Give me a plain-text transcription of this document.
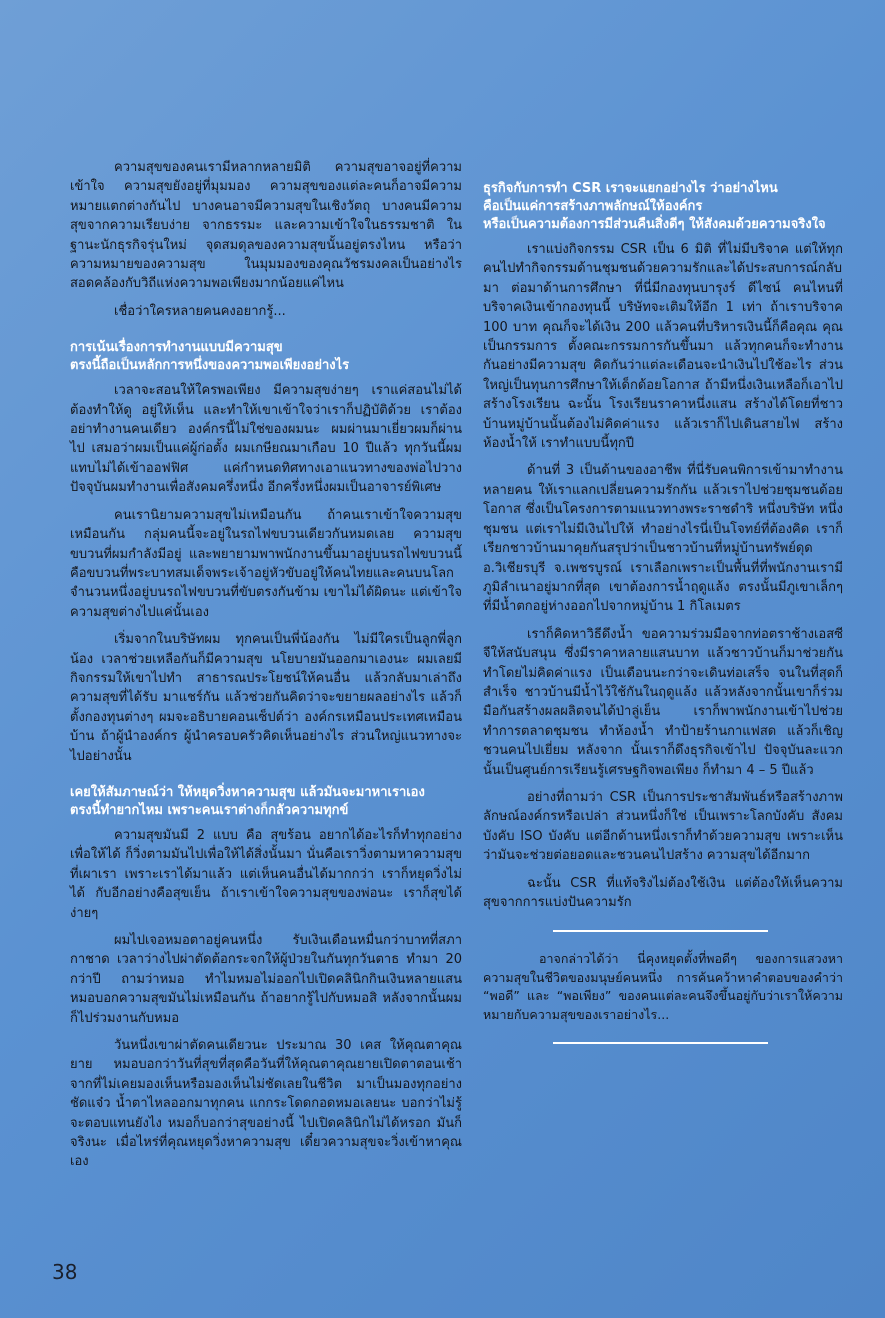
ความสุขของคนเรามีหลากหลายมิติ ความสุขอาจอยู่ที่ความเข้าใจ ความสุขยังอยู่ที่มุมมอง ความสุขของแต่ละคนก็อาจมีความหมายแตกต่างกันไป บางคนอาจมีความสุขในเชิงวัตถุ บางคนมีความสุขจากความเรียบง่าย จากธรรมะ และความเข้าใจในธรรมชาติ ในฐานะนักธุรกิจรุ่นใหม่ จุดสมดุลของความสุขนั้นอยู่ตรงไหน หรือว่าความหมายของความสุข ในมุมมองของคุณวัชรมงคลเป็นอย่างไร สอดคล้องกับวิถีแห่งความพอเพียงมากน้อยแค่ไหน

เชื่อว่าใครหลายคนคงอยากรู้...

การเน้นเรื่องการทำงานแบบมีความสุข
ตรงนี้ถือเป็นหลักการหนึ่งของความพอเพียงอย่างไร

เวลาจะสอนให้ใครพอเพียง มีความสุขง่ายๆ เราแค่สอนไม่ได้ ต้องทำให้ดู อยู่ให้เห็น และทำให้เขาเข้าใจว่าเราก็ปฏิบัติด้วย เราต้องอย่าทำงานคนเดียว องค์กรนี้ไม่ใช่ของผมนะ ผมผ่านมาเยี่ยวผมก็ผ่านไป เสมอว่าผมเป็นแค่ผู้ก่อตั้ง ผมเกษียณมาเกือบ 10 ปีแล้ว ทุกวันนี้ผมแทบไม่ได้เข้าออฟฟิศ แค่กำหนดทิศทางเอาแนวทางของพ่อไปวาง ปัจจุบันผมทำงานเพื่อสังคมครึ่งหนึ่ง อีกครึ่งหนึ่งผมเป็นอาจารย์พิเศษ

คนเรานิยามความสุขไม่เหมือนกัน ถ้าคนเราเข้าใจความสุขเหมือนกัน กลุ่มคนนี้จะอยู่ในรถไฟขบวนเดียวกันหมดเลย ความสุขขบวนที่ผมกำลังมีอยู่ และพยายามพาพนักงานขึ้นมาอยู่บนรถไฟขบวนนี้ คือขบวนที่พระบาทสมเด็จพระเจ้าอยู่หัวขับอยู่ให้คนไทยและคนบนโลกจำนวนหนึ่งอยู่บนรถไฟขบวนที่ขับตรงกันข้าม เขาไม่ได้ผิดนะ แต่เข้าใจความสุขต่างไปแค่นั้นเอง

เริ่มจากในบริษัทผม ทุกคนเป็นพี่น้องกัน ไม่มีใครเป็นลูกพี่ลูกน้อง เวลาช่วยเหลือกันก็มีความสุข นโยบายมันออกมาเองนะ ผมเลยมีกิจกรรมให้เขาไปทำ สาธารณประโยชน์ให้คนอื่น แล้วกลับมาเล่าถึงความสุขที่ได้รับ มาแชร์กัน แล้วช่วยกันคิดว่าจะขยายผลอย่างไร แล้วก็ตั้งกองทุนต่างๆ ผมจะอธิบายคอนเซ็ปต์ว่า องค์กรเหมือนประเทศเหมือนบ้าน ถ้าผู้นำองค์กร ผู้นำครอบครัวคิดเห็นอย่างไร ส่วนใหญ่แนวทางจะไปอย่างนั้น

เคยให้สัมภาษณ์ว่า ให้หยุดวิ่งหาความสุข แล้วมันจะมาหาเราเอง
ตรงนี้ทำยากไหม เพราะคนเราต่างก็กลัวความทุกข์

ความสุขมันมี 2 แบบ คือ สุขร้อน อยากได้อะไรก็ทำทุกอย่างเพื่อให้ได้ ก็วิ่งตามมันไปเพื่อให้ได้สิ่งนั้นมา นั่นคือเราวิ่งตามหาความสุขที่เผาเรา เพราะเราได้มาแล้ว แต่เห็นคนอื่นได้มากกว่า เราก็หยุดวิ่งไม่ได้ กับอีกอย่างคือสุขเย็น ถ้าเราเข้าใจความสุขของพ่อนะ เราก็สุขได้ง่ายๆ

ผมไปเจอหมอตาอยู่คนหนึ่ง รับเงินเดือนหมื่นกว่าบาทที่สภากาชาด เวลาว่างไปผ่าตัดต้อกระจกให้ผู้ป่วยในกันทุกวันตาธ ทำมา 20 กว่าปี ถามว่าหมอ ทำไมหมอไม่ออกไปเปิดคลินิกกินเงินหลายแสน หมอบอกความสุขมันไม่เหมือนกัน ถ้าอยากรู้ไปกับหมอสิ หลังจากนั้นผมก็ไปร่วมงานกับหมอ

วันหนึ่งเขาผ่าตัดคนเดียวนะ ประมาณ 30 เคส ให้คุณตาคุณยาย หมอบอกว่าวันที่สุขที่สุดคือวันที่ให้คุณตาคุณยายเปิดตาตอนเช้า จากที่ไม่เคยมองเห็นหรือมองเห็นไม่ชัดเลยในชีวิต มาเป็นมองทุกอย่างชัดแจ๋ว น้ำตาไหลออกมาทุกคน แกกระโดดกอดหมอเลยนะ บอกว่าไม่รู้จะตอบแทนยังไง หมอก็บอกว่าสุขอย่างนี้ ไปเปิดคลินิกไม่ได้หรอก มันก็จริงนะ เมื่อไหร่ที่คุณหยุดวิ่งหาความสุข เดี๋ยวความสุขจะวิ่งเข้าหาคุณเอง

ธุรกิจกับการทำ CSR เราจะแยกอย่างไร ว่าอย่างไหน
คือเป็นแค่การสร้างภาพลักษณ์ให้องค์กร
หรือเป็นความต้องการมีส่วนคืนสิ่งดีๆ ให้สังคมด้วยความจริงใจ

เราแบ่งกิจกรรม CSR เป็น 6 มิติ ที่ไม่มีบริจาค แต่ให้ทุกคนไปทำกิจกรรมด้านชุมชนด้วยความรักและได้ประสบการณ์กลับมา ต่อมาด้านการศึกษา ที่นี่มีกองทุนบารุงร์ ดีไซน์ คนไหนที่บริจาคเงินเข้ากองทุนนี้ บริษัทจะเติมให้อีก 1 เท่า ถ้าเราบริจาค 100 บาท คุณก็จะได้เงิน 200 แล้วคนที่บริหารเงินนี้ก็คือคุณ คุณเป็นกรรมการ ตั้งคณะกรรมการกันขึ้นมา แล้วทุกคนก็จะทำงานกันอย่างมีความสุข คิดกันว่าแต่ละเดือนจะนำเงินไปใช้อะไร ส่วนใหญ่เป็นทุนการศึกษาให้เด็กด้อยโอกาส ถ้ามีหนึ่งเงินเหลือก็เอาไปสร้างโรงเรียน ฉะนั้น โรงเรียนราคาหนึ่งแสน สร้างได้โดยที่ชาวบ้านหมู่บ้านนั้นต้องไม่คิดค่าแรง แล้วเราก็ไปเดินสายไฟ สร้างห้องน้ำให้ เราทำแบบนี้ทุกปี

ด้านที่ 3 เป็นด้านของอาชีพ ที่นี่รับคนพิการเข้ามาทำงานหลายคน ให้เราแลกเปลี่ยนความรักกัน แล้วเราไปช่วยชุมชนด้อยโอกาส ซึ่งเป็นโครงการตามแนวทางพระราชดำริ หนึ่งบริษัท หนึ่งชุมชน แต่เราไม่มีเงินไปให้ ทำอย่างไรนี่เป็นโจทย์ที่ต้องคิด เราก็เรียกชาวบ้านมาคุยกันสรุปว่าเป็นชาวบ้านที่หมู่บ้านทรัพย์ดุด อ.วิเชียรบุรี จ.เพชรบูรณ์ เราเลือกเพราะเป็นพื้นที่ที่พนักงานเรามีภูมิลำเนาอยู่มากที่สุด เขาต้องการน้ำฤดูแล้ง ตรงนั้นมีภูเขาเล็กๆ ที่มีน้ำตกอยู่ห่างออกไปจากหมู่บ้าน 1 กิโลเมตร

เราก็คิดหาวิธีดึงน้ำ ขอความร่วมมือจากท่อตราช้างเอสซีจีให้สนับสนุน ซึ่งมีราคาหลายแสนบาท แล้วชาวบ้านก็มาช่วยกันทำโดยไม่คิดค่าแรง เป็นเดือนนะกว่าจะเดินท่อเสร็จ จนในที่สุดก็สำเร็จ ชาวบ้านมีน้ำไว้ใช้กันในฤดูแล้ง แล้วหลังจากนั้นเขาก็ร่วมมือกันสร้างผลผลิตจนได้ป่าลู่เย็น เราก็พาพนักงานเข้าไปช่วยทำการตลาดชุมชน ทำห้องน้ำ ทำป้ายร้านกาแฟสด แล้วก็เชิญชวนคนไปเยี่ยม หลังจาก นั้นเราก็ดึงธุรกิจเข้าไป ปัจจุบันละแวกนั้นเป็นศูนย์การเรียนรู้เศรษฐกิจพอเพียง ก็ทำมา 4 – 5 ปีแล้ว

อย่างที่ถามว่า CSR เป็นการประชาสัมพันธ์หรือสร้างภาพลักษณ์องค์กรหรือเปล่า ส่วนหนึ่งก็ใช่ เป็นเพราะโลกบังคับ สังคมบังคับ ISO บังคับ แต่อีกด้านหนึ่งเราก็ทำด้วยความสุข เพราะเห็นว่ามันจะช่วยต่อยอดและชวนคนไปสร้าง ความสุขได้อีกมาก

ฉะนั้น CSR ที่แท้จริงไม่ต้องใช้เงิน แต่ต้องให้เห็นความสุขจากการแบ่งปันความรัก

อาจกล่าวได้ว่า นี่คุงหยุดตั้งที่พอดีๆ ของการแสวงหาความสุขในชีวิตของมนุษย์คนหนึ่ง การค้นคว้าหาคำตอบของคำว่า “พอดี” และ “พอเพียง” ของคนแต่ละคนจึงขึ้นอยู่กับว่าเราให้ความหมายกับความสุขของเราอย่างไร...

38
